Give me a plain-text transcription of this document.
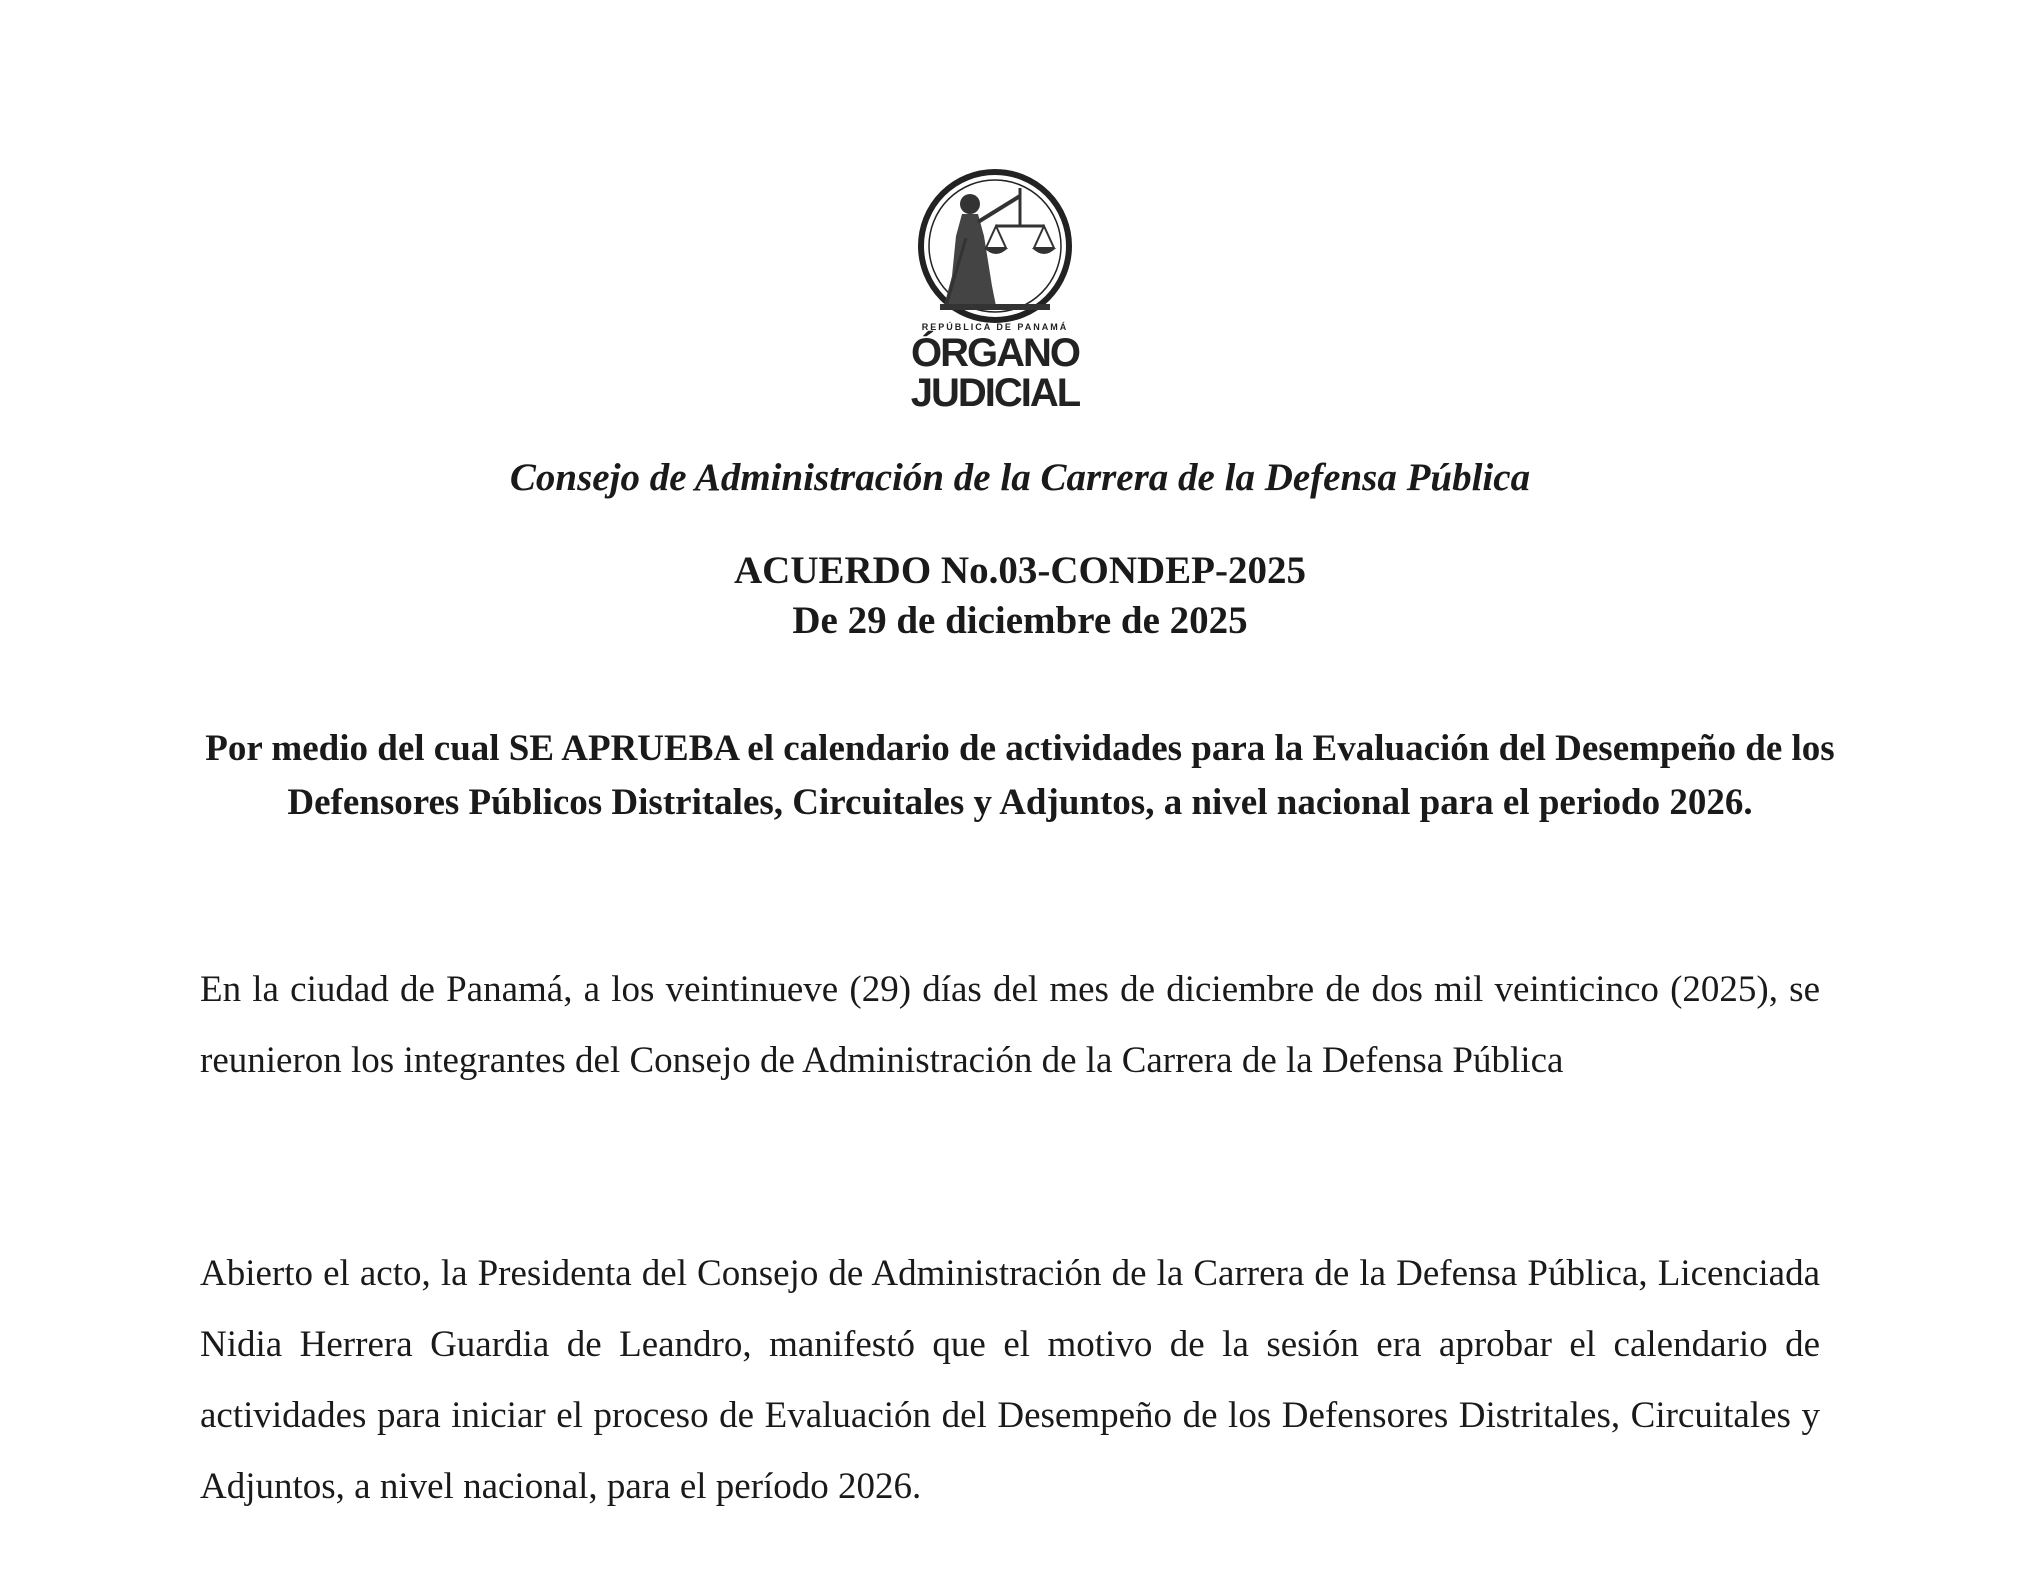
REPÚBLICA DE PANAMÁ
ÓRGANO
JUDICIAL
Consejo de Administración de la Carrera de la Defensa Pública
ACUERDO No.03-CONDEP-2025
De 29 de diciembre de 2025
Por medio del cual SE APRUEBA el calendario de actividades para la Evaluación del Desempeño de los Defensores Públicos Distritales, Circuitales y Adjuntos, a nivel nacional para el periodo 2026.
En la ciudad de Panamá, a los veintinueve (29) días del mes de diciembre de dos mil veinticinco (2025), se reunieron los integrantes del Consejo de Administración de la Carrera de la Defensa Pública
Abierto el acto, la Presidenta del Consejo de Administración de la Carrera de la Defensa Pública, Licenciada Nidia Herrera Guardia de Leandro, manifestó que el motivo de la sesión era aprobar el calendario de actividades para iniciar el proceso de Evaluación del Desempeño de los Defensores Distritales, Circuitales y Adjuntos, a nivel nacional, para el período 2026.
